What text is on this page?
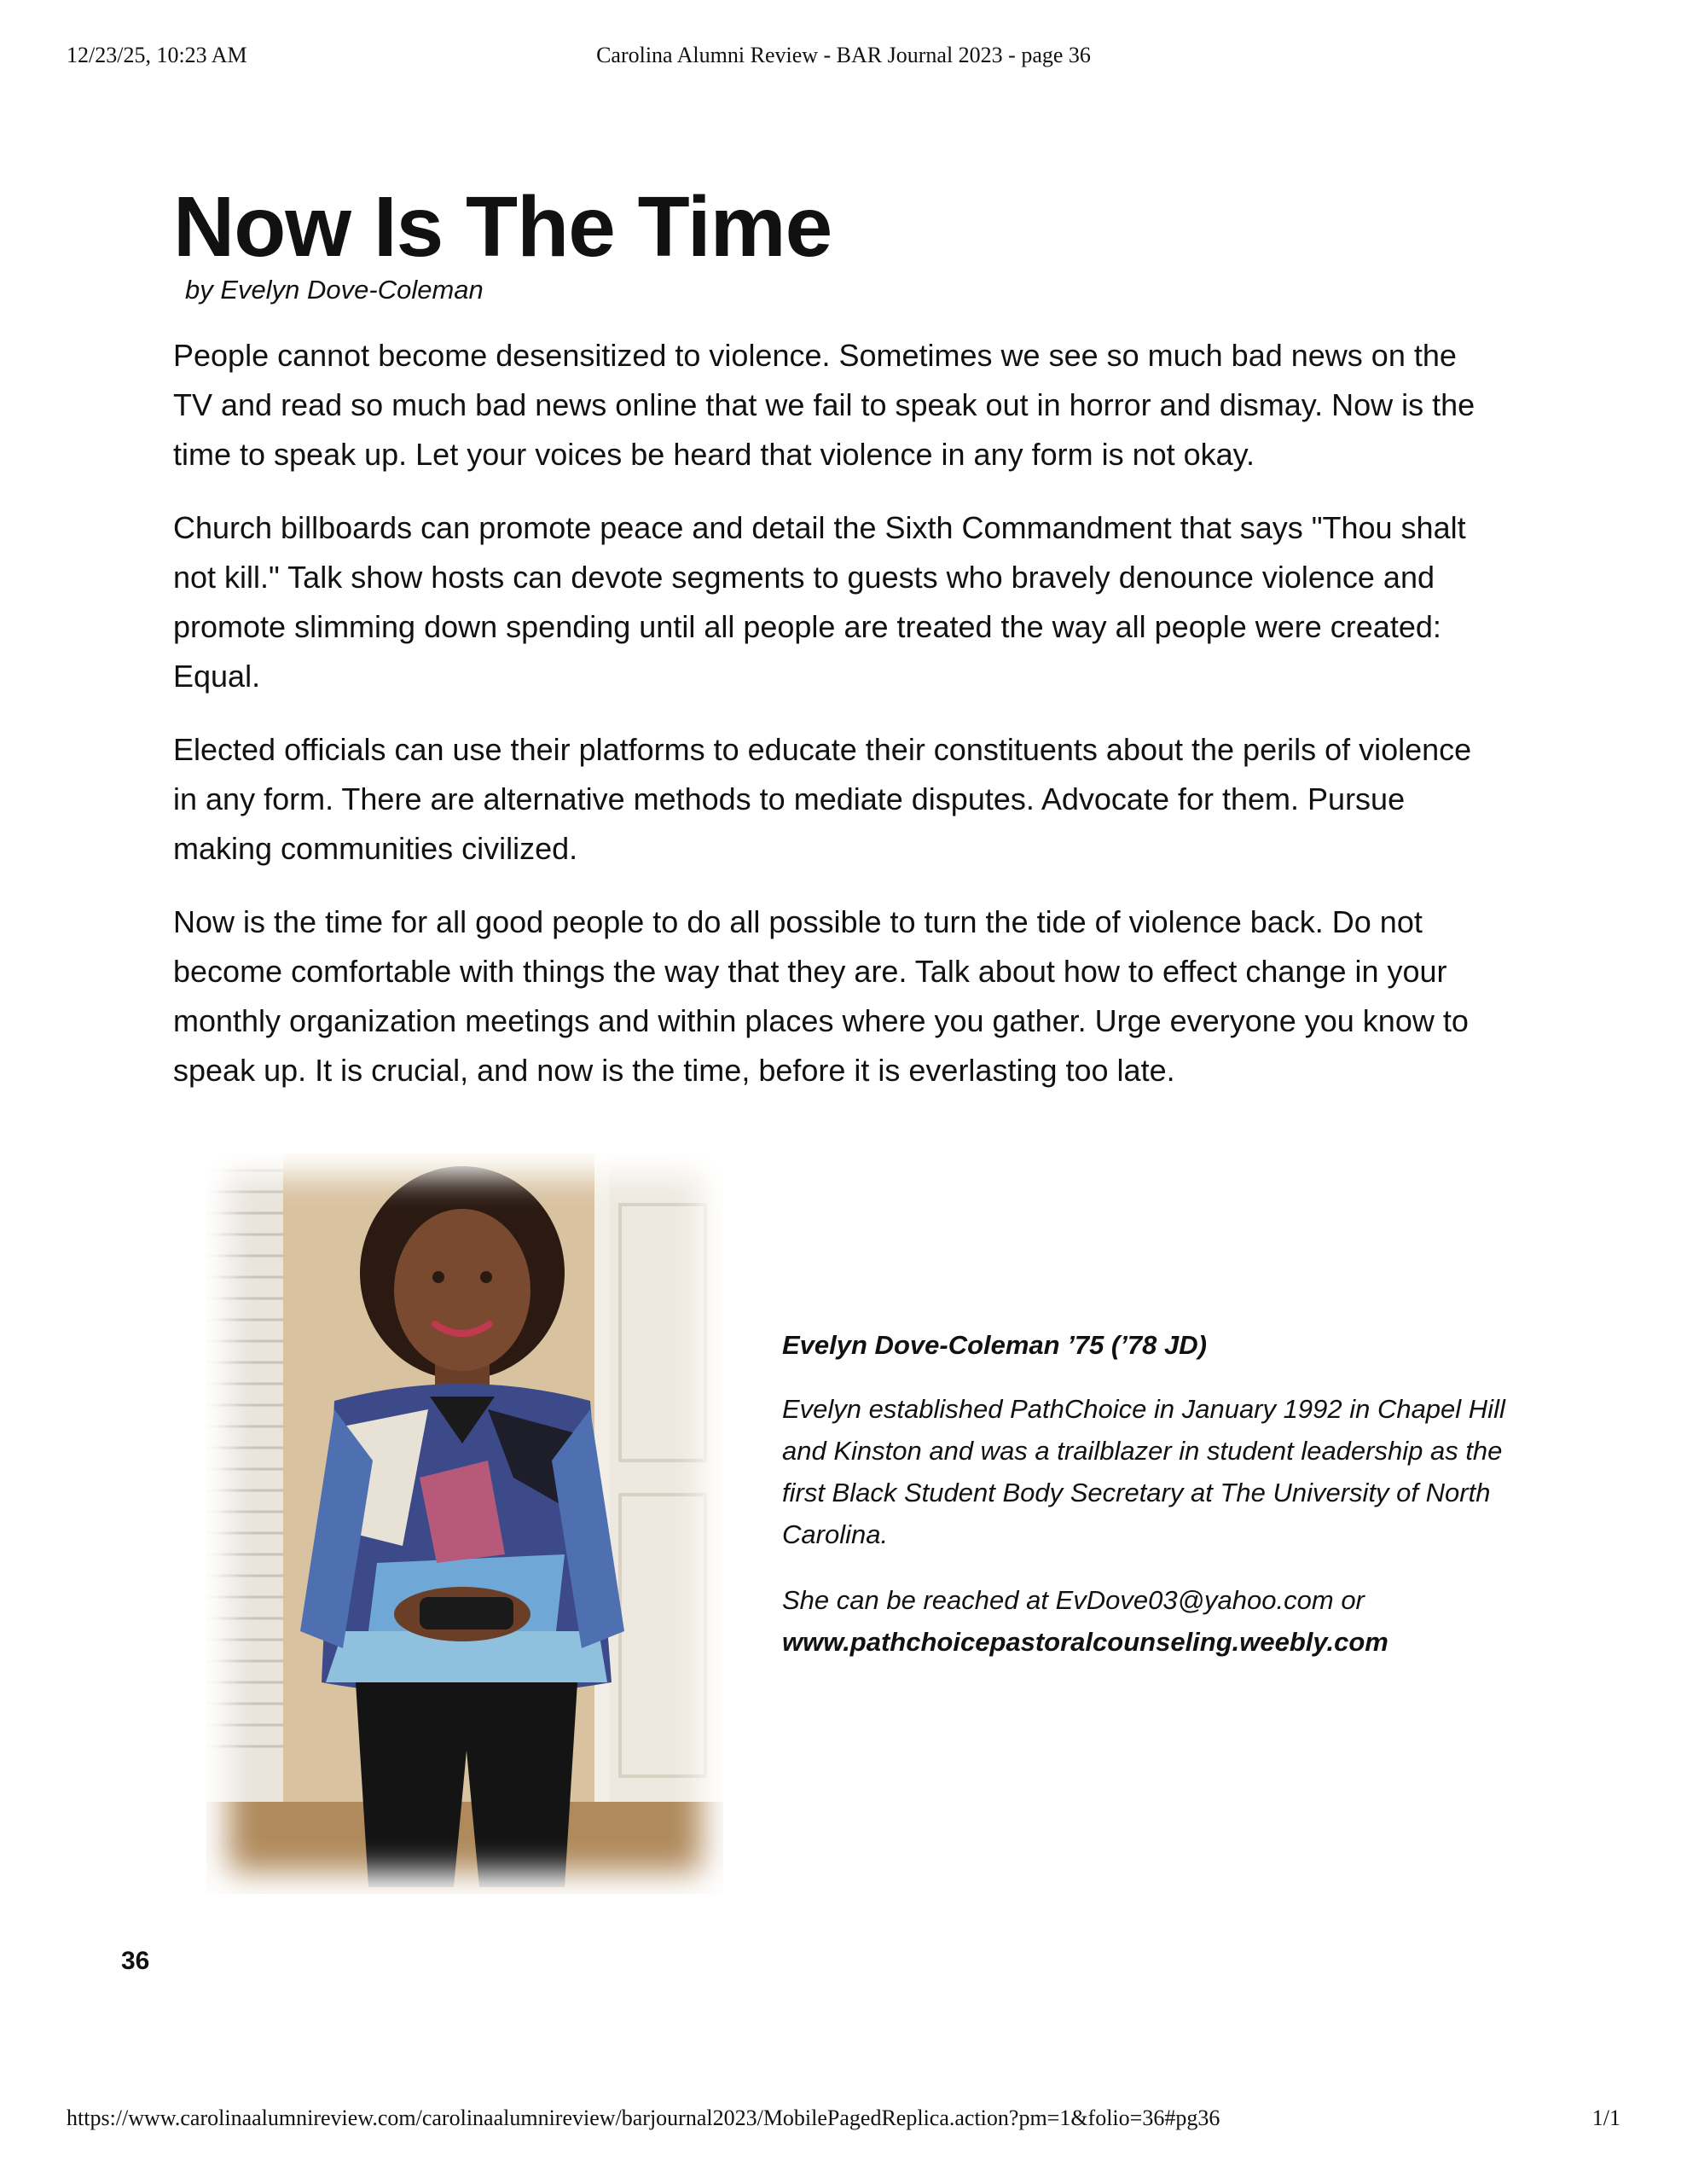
12/23/25, 10:23 AM	Carolina Alumni Review - BAR Journal 2023 - page 36
Now Is The Time

by Evelyn Dove-Coleman

People cannot become desensitized to violence. Sometimes we see so much bad news on the TV and read so much bad news online that we fail to speak out in horror and dismay. Now is the time to speak up. Let your voices be heard that violence in any form is not okay.

Church billboards can promote peace and detail the Sixth Commandment that says "Thou shalt not kill." Talk show hosts can devote segments to guests who bravely denounce violence and promote slimming down spending until all people are treated the way all people were created: Equal.

Elected officials can use their platforms to educate their constituents about the perils of violence in any form. There are alternative methods to mediate disputes. Advocate for them. Pursue making communities civilized.

Now is the time for all good people to do all possible to turn the tide of violence back. Do not become comfortable with things the way that they are. Talk about how to effect change in your monthly organization meetings and within places where you gather. Urge everyone you know to speak up. It is crucial, and now is the time, before it is everlasting too late.

Evelyn Dove-Coleman ’75 (’78 JD)

Evelyn established PathChoice in January 1992 in Chapel Hill and Kinston and was a trailblazer in student leadership as the first Black Student Body Secretary at The University of North Carolina.

She can be reached at EvDove03@yahoo.com or

www.pathchoicepastoralcounseling.weebly.com

36
https://www.carolinaalumnireview.com/carolinaalumnireview/barjournal2023/MobilePagedReplica.action?pm=1&folio=36#pg36	1/1
